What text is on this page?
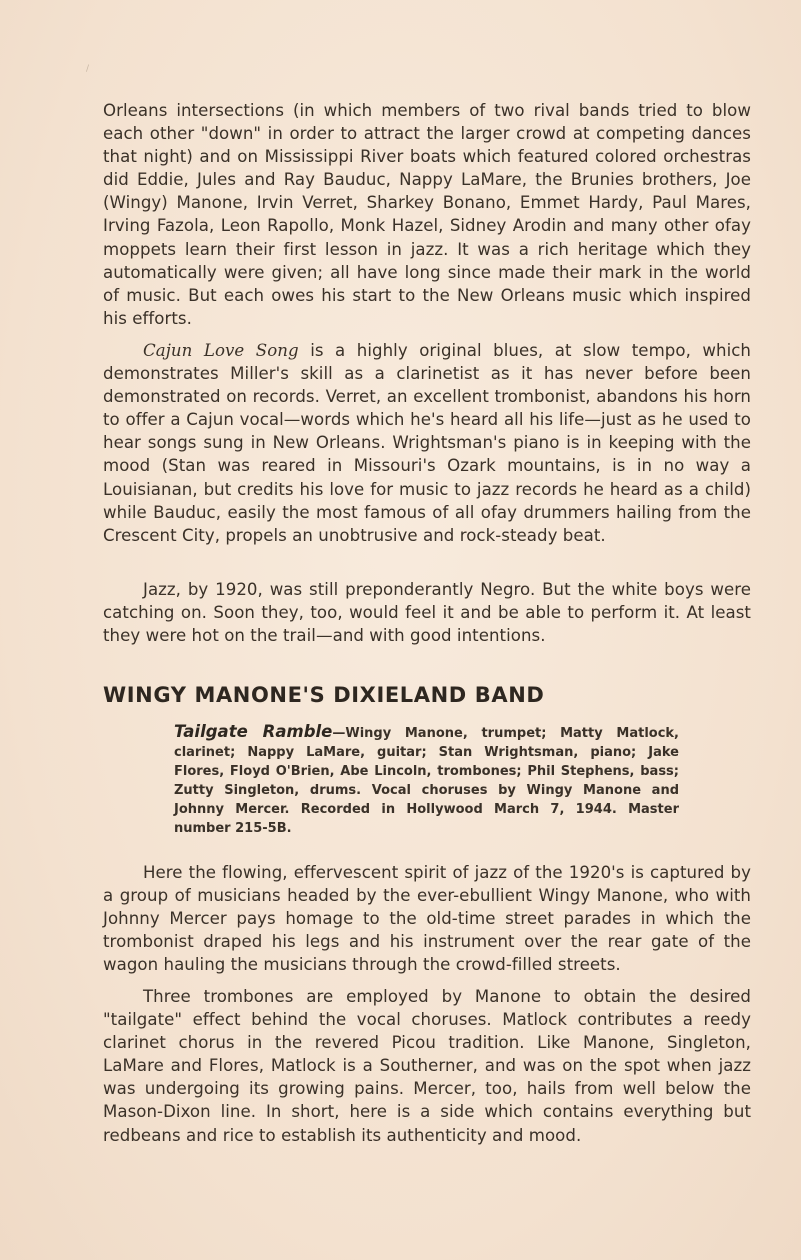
/

Orleans intersections (in which members of two rival bands tried to blow each other "down" in order to attract the larger crowd at competing dances that night) and on Mississippi River boats which featured colored orchestras did Eddie, Jules and Ray Bauduc, Nappy LaMare, the Brunies brothers, Joe (Wingy) Manone, Irvin Verret, Sharkey Bonano, Emmet Hardy, Paul Mares, Irving Fazola, Leon Rapollo, Monk Hazel, Sidney Arodin and many other ofay moppets learn their first lesson in jazz. It was a rich heritage which they automatically were given; all have long since made their mark in the world of music. But each owes his start to the New Orleans music which inspired his efforts.

Cajun Love Song is a highly original blues, at slow tempo, which demonstrates Miller's skill as a clarinetist as it has never before been demonstrated on records. Verret, an excellent trombonist, abandons his horn to offer a Cajun vocal—words which he's heard all his life—just as he used to hear songs sung in New Orleans. Wrightsman's piano is in keeping with the mood (Stan was reared in Missouri's Ozark mountains, is in no way a Louisianan, but credits his love for music to jazz records he heard as a child) while Bauduc, easily the most famous of all ofay drummers hailing from the Crescent City, propels an unobtrusive and rock-steady beat.

Jazz, by 1920, was still preponderantly Negro. But the white boys were catching on. Soon they, too, would feel it and be able to perform it. At least they were hot on the trail—and with good intentions.

WINGY MANONE'S DIXIELAND BAND
Tailgate Ramble—Wingy Manone, trumpet; Matty Matlock, clarinet; Nappy LaMare, guitar; Stan Wrightsman, piano; Jake Flores, Floyd O'Brien, Abe Lincoln, trombones; Phil Stephens, bass; Zutty Singleton, drums. Vocal choruses by Wingy Manone and Johnny Mercer. Recorded in Hollywood March 7, 1944. Master number 215-5B.

Here the flowing, effervescent spirit of jazz of the 1920's is captured by a group of musicians headed by the ever-ebullient Wingy Manone, who with Johnny Mercer pays homage to the old-time street parades in which the trombonist draped his legs and his instrument over the rear gate of the wagon hauling the musicians through the crowd-filled streets.

Three trombones are employed by Manone to obtain the desired "tailgate" effect behind the vocal choruses. Matlock contributes a reedy clarinet chorus in the revered Picou tradition. Like Manone, Singleton, LaMare and Flores, Matlock is a Southerner, and was on the spot when jazz was undergoing its growing pains. Mercer, too, hails from well below the Mason-Dixon line. In short, here is a side which contains everything but redbeans and rice to establish its authenticity and mood.
